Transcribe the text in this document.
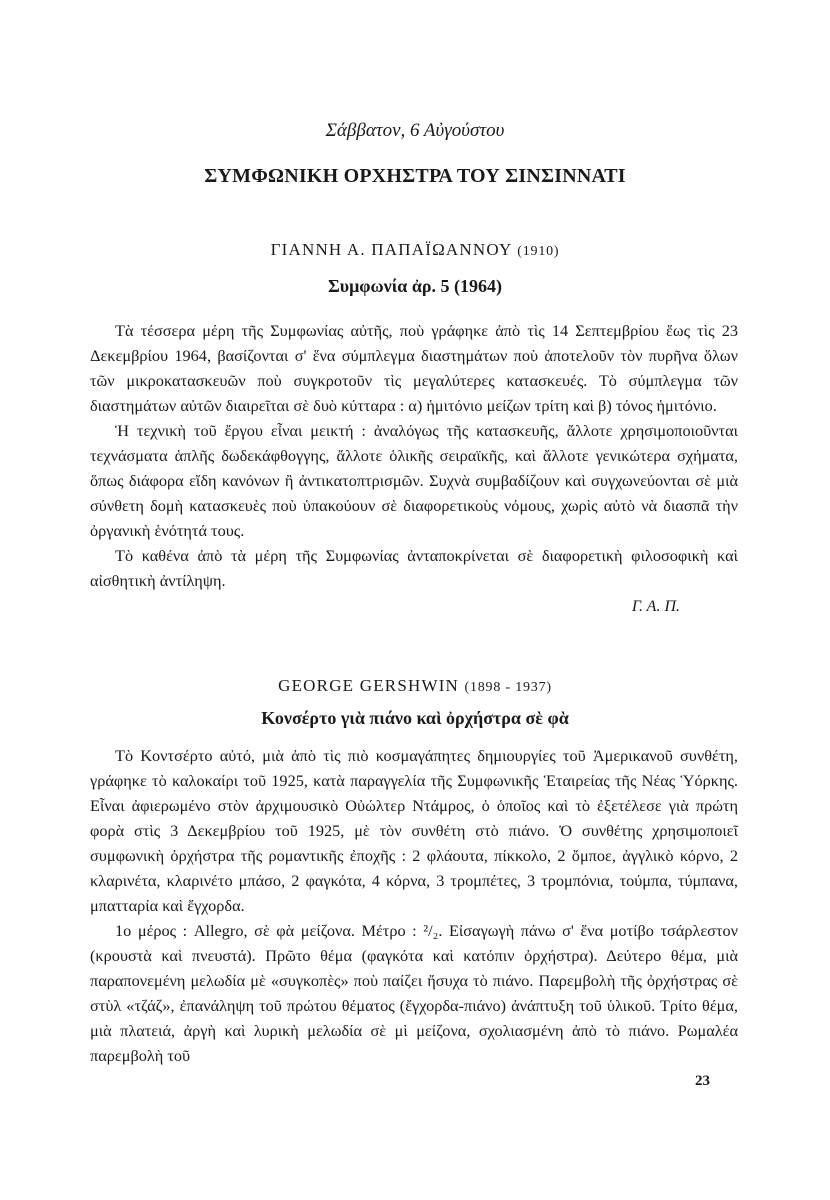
Σάββατον, 6 Αὐγούστου

ΣΥΜΦΩΝΙΚΗ ΟΡΧΗΣΤΡΑ ΤΟΥ ΣΙΝΣΙΝΝΑΤΙ

ΓΙΑΝΝΗ Α. ΠΑΠΑΪΩΑΝΝΟΥ (1910)

Συμφωνία ἀρ. 5 (1964)

Τὰ τέσσερα μέρη τῆς Συμφωνίας αὐτῆς, ποὺ γράφηκε ἀπὸ τὶς 14 Σεπτεμβρίου ἕως τὶς 23 Δεκεμβρίου 1964, βασίζονται σ' ἕνα σύμπλεγμα διαστημάτων ποὺ ἀποτελοῦν τὸν πυρῆνα ὅλων τῶν μικροκατασκευῶν ποὺ συγκροτοῦν τὶς μεγαλύτερες κατασκευές. Τὸ σύμπλεγμα τῶν διαστημάτων αὐτῶν διαιρεῖται σὲ δυὸ κύτταρα : α) ἡμιτόνιο μείζων τρίτη καὶ β) τόνος ἡμιτόνιο.

Ἡ τεχνικὴ τοῦ ἔργου εἶναι μεικτή : ἀναλόγως τῆς κατασκευῆς, ἄλλοτε χρησιμοποιοῦνται τεχνάσματα ἁπλῆς δωδεκάφθογγης, ἄλλοτε ὁλικῆς σειραϊκῆς, καὶ ἄλλοτε γενικώτερα σχήματα, ὅπως διάφορα εἴδη κανόνων ἢ ἀντικατοπτρισμῶν. Συχνὰ συμβαδίζουν καὶ συγχωνεύονται σὲ μιὰ σύνθετη δομὴ κατασκευὲς ποὺ ὑπακούουν σὲ διαφορετικοὺς νόμους, χωρὶς αὐτὸ νὰ διασπᾶ τὴν ὀργανικὴ ἑνότητά τους.

Τὸ καθένα ἀπὸ τὰ μέρη τῆς Συμφωνίας ἀνταποκρίνεται σὲ διαφορετικὴ φιλοσοφικὴ καὶ αἰσθητικὴ ἀντίληψη.

Γ. Α. Π.

GEORGE GERSHWIN (1898 - 1937)

Κονσέρτο γιὰ πιάνο καὶ ὀρχήστρα σὲ φὰ

Τὸ Κοντσέρτο αὐτό, μιὰ ἀπὸ τὶς πιὸ κοσμαγάπητες δημιουργίες τοῦ Ἀμερικανοῦ συνθέτη, γράφηκε τὸ καλοκαίρι τοῦ 1925, κατὰ παραγγελία τῆς Συμφωνικῆς Ἑταιρείας τῆς Νέας Ὑόρκης. Εἶναι ἀφιερωμένο στὸν ἀρχιμουσικὸ Οὐώλτερ Ντάμρος, ὁ ὁποῖος καὶ τὸ ἐξετέλεσε γιὰ πρώτη φορὰ στὶς 3 Δεκεμβρίου τοῦ 1925, μὲ τὸν συνθέτη στὸ πιάνο. Ὁ συνθέτης χρησιμοποιεῖ συμφωνικὴ ὀρχήστρα τῆς ρομαντικῆς ἐποχῆς : 2 φλάουτα, πίκκολο, 2 ὄμποε, ἀγγλικὸ κόρνο, 2 κλαρινέτα, κλαρινέτο μπάσο, 2 φαγκότα, 4 κόρνα, 3 τρομπέτες, 3 τρομπόνια, τούμπα, τύμπανα, μπατταρία καὶ ἔγχορδα.

1ο μέρος : Allegro, σὲ φὰ μείζονα. Μέτρο : ²/₂. Εἰσαγωγὴ πάνω σ' ἕνα μοτίβο τσάρλεστον (κρουστὰ καὶ πνευστά). Πρῶτο θέμα (φαγκότα καὶ κατόπιν ὀρχήστρα). Δεύτερο θέμα, μιὰ παραπονεμένη μελωδία μὲ «συγκοπὲς» ποὺ παίζει ἤσυχα τὸ πιάνο. Παρεμβολὴ τῆς ὀρχήστρας σὲ στὺλ «τζάζ», ἐπανάληψη τοῦ πρώτου θέματος (ἔγχορδα-πιάνο) ἀνάπτυξη τοῦ ὑλικοῦ. Τρίτο θέμα, μιὰ πλατειά, ἀργὴ καὶ λυρικὴ μελωδία σὲ μὶ μείζονα, σχολιασμένη ἀπὸ τὸ πιάνο. Ρωμαλέα παρεμβολὴ τοῦ

23
